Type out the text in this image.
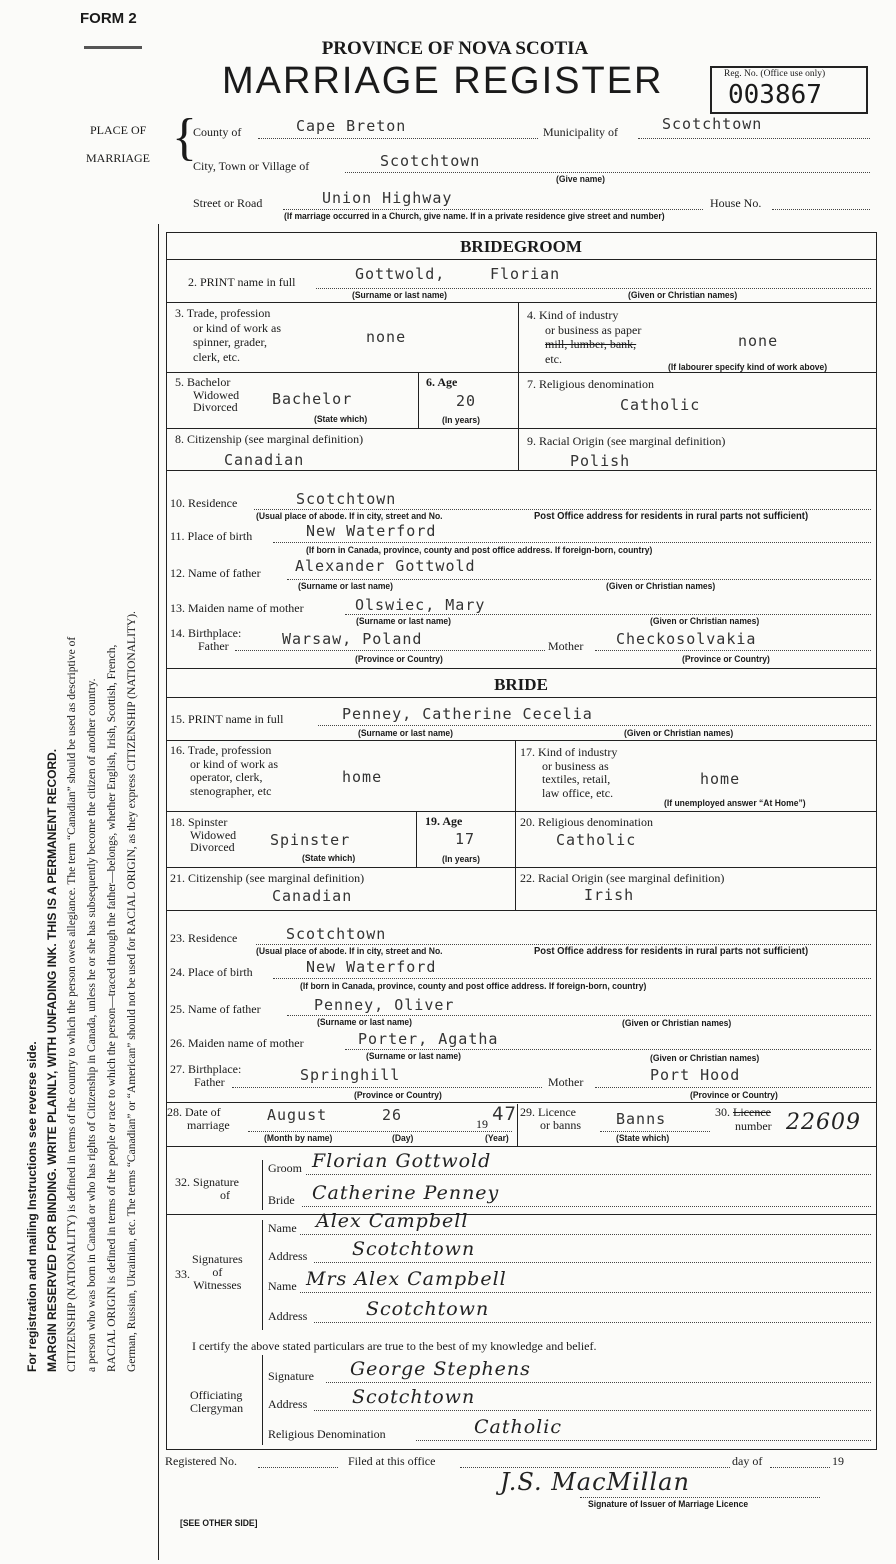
FORM 2
PROVINCE OF NOVA SCOTIA
MARRIAGE REGISTER	Reg. No. (Office use only)
003867
PLACE OF
MARRIAGE {
County of	Cape Breton	Municipality of	Scotchtown
City, Town or Village of	Scotchtown
(Give name)
Street or Road	Union Highway	House No.
(If marriage occurred in a Church, give name. If in a private residence give street and number)
For registration and mailing Instructions see reverse side. MARGIN RESERVED FOR BINDING. WRITE PLAINLY, WITH UNFADING INK. THIS IS A PERMANENT RECORD. CITIZENSHIP (NATIONALITY) is defined in terms of the country to which the person owes allegiance. The term “Canadian” should be used as descriptive of a person who was born in Canada or who has rights of Citizenship in Canada, unless he or she has subsequently become the citizen of another country. RACIAL ORIGIN is defined in terms of the people or race to which the person—traced through the father—belongs, whether English, Irish, Scottish, French, German, Russian, Ukrainian, etc. The terms “Canadian” or “American” should not be used for RACIAL ORIGIN, as they express CITIZENSHIP (NATIONALITY).
BRIDEGROOM
2. PRINT name in full	Gottwold,	Florian
(Surname or last name)	(Given or Christian names)
3. Trade, profession
or kind of work as
spinner, grader,
clerk, etc.
none
4. Kind of industry
or business as paper
mill, lumber, bank,
etc.
none
(If labourer specify kind of work above)
5. Bachelor
Widowed
Divorced Bachelor
(State which)
6. Age
20
(In years)
7. Religious denomination
Catholic
8. Citizenship (see marginal definition)
Canadian
9. Racial Origin (see marginal definition)
Polish
10. Residence	Scotchtown
(Usual place of abode. If in city, street and No.	Post Office address for residents in rural parts not sufficient)
11. Place of birth	New Waterford
(If born in Canada, province, county and post office address. If foreign-born, country)
12. Name of father Alexander Gottwold
(Surname or last name)	(Given or Christian names)
13. Maiden name of mother	Olswiec, Mary
(Surname or last name)	(Given or Christian names)
14. Birthplace:
Father	Warsaw, Poland	Mother Checkosolvakia
(Province or Country)	(Province or Country)
BRIDE
15. PRINT name in full	Penney, Catherine Cecelia
(Surname or last name)	(Given or Christian names)
16. Trade, profession
or kind of work as
operator, clerk,
stenographer, etc
home
17. Kind of industry
or business as
textiles, retail,
law office, etc.
home
(If unemployed answer “At Home”)
18. Spinster
Widowed
Divorced Spinster
(State which)
19. Age
17
(In years)
20. Religious denomination
Catholic
21. Citizenship (see marginal definition)
Canadian
22. Racial Origin (see marginal definition)
Irish
23. Residence	Scotchtown
(Usual place of abode. If in city, street and No.	Post Office address for residents in rural parts not sufficient)
24. Place of birth	New Waterford
(If born in Canada, province, county and post office address. If foreign-born, country)
25. Name of father	Penney, Oliver
(Surname or last name)	(Given or Christian names)
26. Maiden name of mother	Porter, Agatha
(Surname or last name)	(Given or Christian names)
27. Birthplace:
Father	Springhill	Mother	Port Hood
(Province or Country)	(Province or Country)
28. Date of
marriage
August	26	19 47
(Month by name)	(Day)	(Year)
29. Licence
or banns Banns
(State which)
30. Licence
number 22609
32. Signature
of
Groom Florian Gottwold
Bride Catherine Penney
33.
Signatures
of
Witnesses
Name Alex Campbell
Address Scotchtown
Name Mrs Alex Campbell
Address	Scotchtown
I certify the above stated particulars are true to the best of my knowledge and belief.
Officiating
Clergyman
Signature George Stephens
Address Scotchtown
Religious Denomination	Catholic
Registered No.	Filed at this office	day of	19
J.S. MacMillan
Signature of Issuer of Marriage Licence
[SEE OTHER SIDE]
